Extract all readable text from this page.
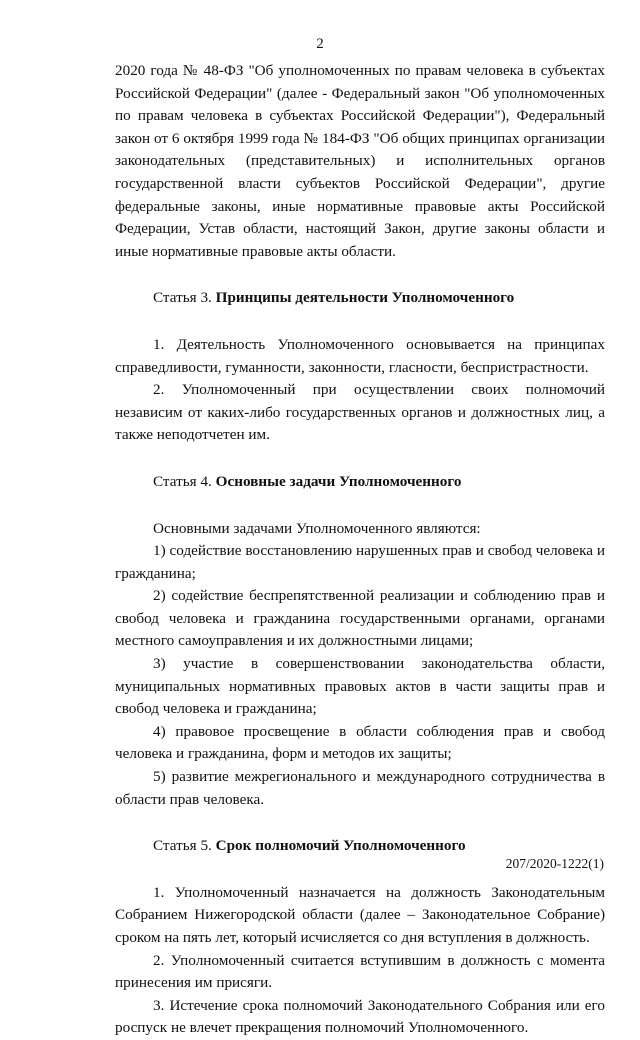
2

2020 года № 48-ФЗ "Об уполномоченных по правам человека в субъектах Российской Федерации" (далее - Федеральный закон "Об уполномоченных по правам человека в субъектах Российской Федерации"), Федеральный закон от 6 октября 1999 года № 184-ФЗ "Об общих принципах организации законодательных (представительных) и исполнительных органов государственной власти субъектов Российской Федерации", другие федеральные законы, иные нормативные правовые акты Российской Федерации, Устав области, настоящий Закон, другие законы области и иные нормативные правовые акты области.

Статья 3. Принципы деятельности Уполномоченного

1. Деятельность Уполномоченного основывается на принципах справедливости, гуманности, законности, гласности, беспристрастности.

2. Уполномоченный при осуществлении своих полномочий независим от каких-либо государственных органов и должностных лиц, а также неподотчетен им.

Статья 4. Основные задачи Уполномоченного

Основными задачами Уполномоченного являются:

1) содействие восстановлению нарушенных прав и свобод человека и гражданина;

2) содействие беспрепятственной реализации и соблюдению прав и свобод человека и гражданина государственными органами, органами местного самоуправления и их должностными лицами;

3) участие в совершенствовании законодательства области, муниципальных нормативных правовых актов в части защиты прав и свобод человека и гражданина;

4) правовое просвещение в области соблюдения прав и свобод человека и гражданина, форм и методов их защиты;

5) развитие межрегионального и международного сотрудничества в области прав человека.

Статья 5. Срок полномочий Уполномоченного

1. Уполномоченный назначается на должность Законодательным Собранием Нижегородской области (далее – Законодательное Собрание) сроком на пять лет, который исчисляется со дня вступления в должность.

2. Уполномоченный считается вступившим в должность с момента принесения им присяги.

3. Истечение срока полномочий Законодательного Собрания или его роспуск не влечет прекращения полномочий Уполномоченного.

207/2020-1222(1)
